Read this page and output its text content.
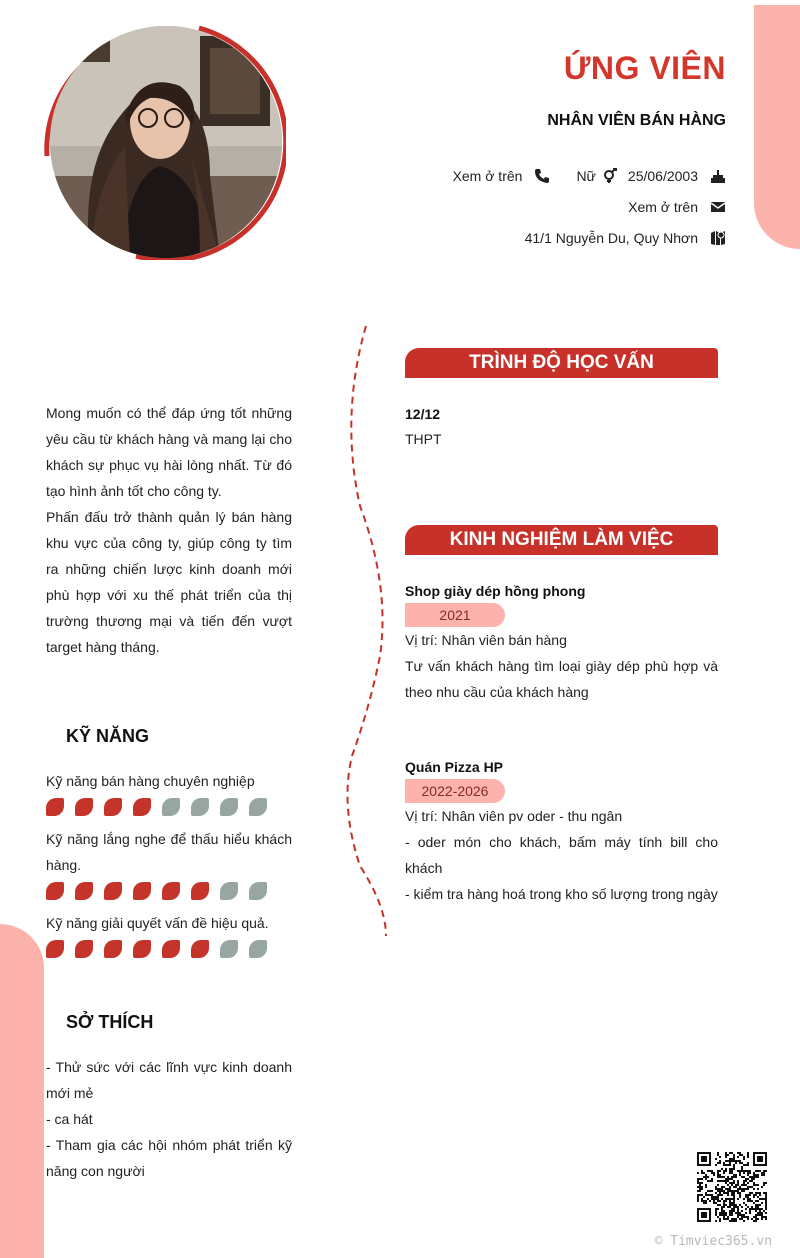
ỨNG VIÊN
NHÂN VIÊN BÁN HÀNG
Xem ở trên	Nữ 25/06/2003
Xem ở trên
41/1 Nguyễn Du, Quy Nhơn

Mong muốn có thể đáp ứng tốt những yêu cầu từ khách hàng và mang lại cho khách sự phục vụ hài lòng nhất. Từ đó tạo hình ảnh tốt cho công ty.

Phấn đấu trở thành quản lý bán hàng khu vực của công ty, giúp công ty tìm ra những chiến lược kinh doanh mới phù hợp với xu thế phát triển của thị trường thương mại và tiến đến vượt target hàng tháng.

KỸ NĂNG
Kỹ năng bán hàng chuyên nghiệp
Kỹ năng lắng nghe để thấu hiểu khách hàng.
Kỹ năng giải quyết vấn đề hiệu quả.
SỞ THÍCH
- Thử sức với các lĩnh vực kinh doanh mới mẻ
- ca hát
- Tham gia các hội nhóm phát triển kỹ năng con người
TRÌNH ĐỘ HỌC VẤN
12/12
THPT
KINH NGHIỆM LÀM VIỆC
Shop giày dép hồng phong
2021
Vị trí: Nhân viên bán hàng
Tư vấn khách hàng tìm loại giày dép phù hợp và theo nhu cầu của khách hàng
Quán Pizza HP
2022-2026
Vị trí: Nhân viên pv oder - thu ngân
- oder món cho khách, bấm máy tính bill cho khách
- kiểm tra hàng hoá trong kho số lượng trong ngày
© Timviec365.vn
